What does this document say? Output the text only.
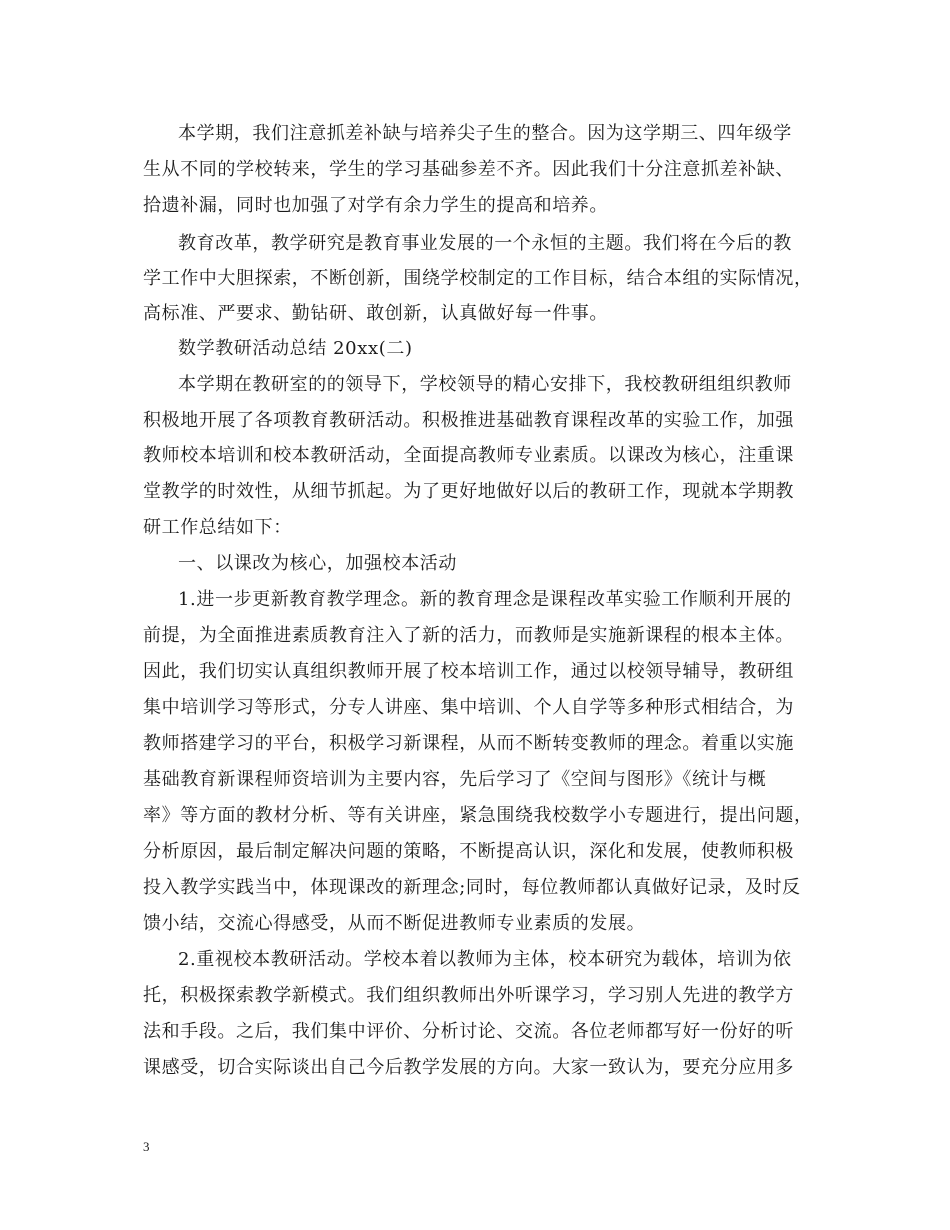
本学期，我们注意抓差补缺与培养尖子生的整合。因为这学期三、四年级学
生从不同的学校转来，学生的学习基础参差不齐。因此我们十分注意抓差补缺、
拾遗补漏，同时也加强了对学有余力学生的提高和培养。
教育改革，教学研究是教育事业发展的一个永恒的主题。我们将在今后的教
学工作中大胆探索，不断创新，围绕学校制定的工作目标，结合本组的实际情况，
高标准、严要求、勤钻研、敢创新，认真做好每一件事。
数学教研活动总结 20xx(二)
本学期在教研室的的领导下，学校领导的精心安排下，我校教研组组织教师
积极地开展了各项教育教研活动。积极推进基础教育课程改革的实验工作，加强
教师校本培训和校本教研活动，全面提高教师专业素质。以课改为核心，注重课
堂教学的时效性，从细节抓起。为了更好地做好以后的教研工作，现就本学期教
研工作总结如下：
一、以课改为核心，加强校本活动
1.进一步更新教育教学理念。新的教育理念是课程改革实验工作顺利开展的
前提，为全面推进素质教育注入了新的活力，而教师是实施新课程的根本主体。
因此，我们切实认真组织教师开展了校本培训工作，通过以校领导辅导，教研组
集中培训学习等形式，分专人讲座、集中培训、个人自学等多种形式相结合，为
教师搭建学习的平台，积极学习新课程，从而不断转变教师的理念。着重以实施
基础教育新课程师资培训为主要内容，先后学习了《空间与图形》《统计与概
率》等方面的教材分析、等有关讲座，紧急围绕我校数学小专题进行，提出问题，
分析原因，最后制定解决问题的策略，不断提高认识，深化和发展，使教师积极
投入教学实践当中，体现课改的新理念;同时，每位教师都认真做好记录，及时反
馈小结，交流心得感受，从而不断促进教师专业素质的发展。
2.重视校本教研活动。学校本着以教师为主体，校本研究为载体，培训为依
托，积极探索教学新模式。我们组织教师出外听课学习，学习别人先进的教学方
法和手段。之后，我们集中评价、分析讨论、交流。各位老师都写好一份好的听
课感受，切合实际谈出自己今后教学发展的方向。大家一致认为，要充分应用多
3
